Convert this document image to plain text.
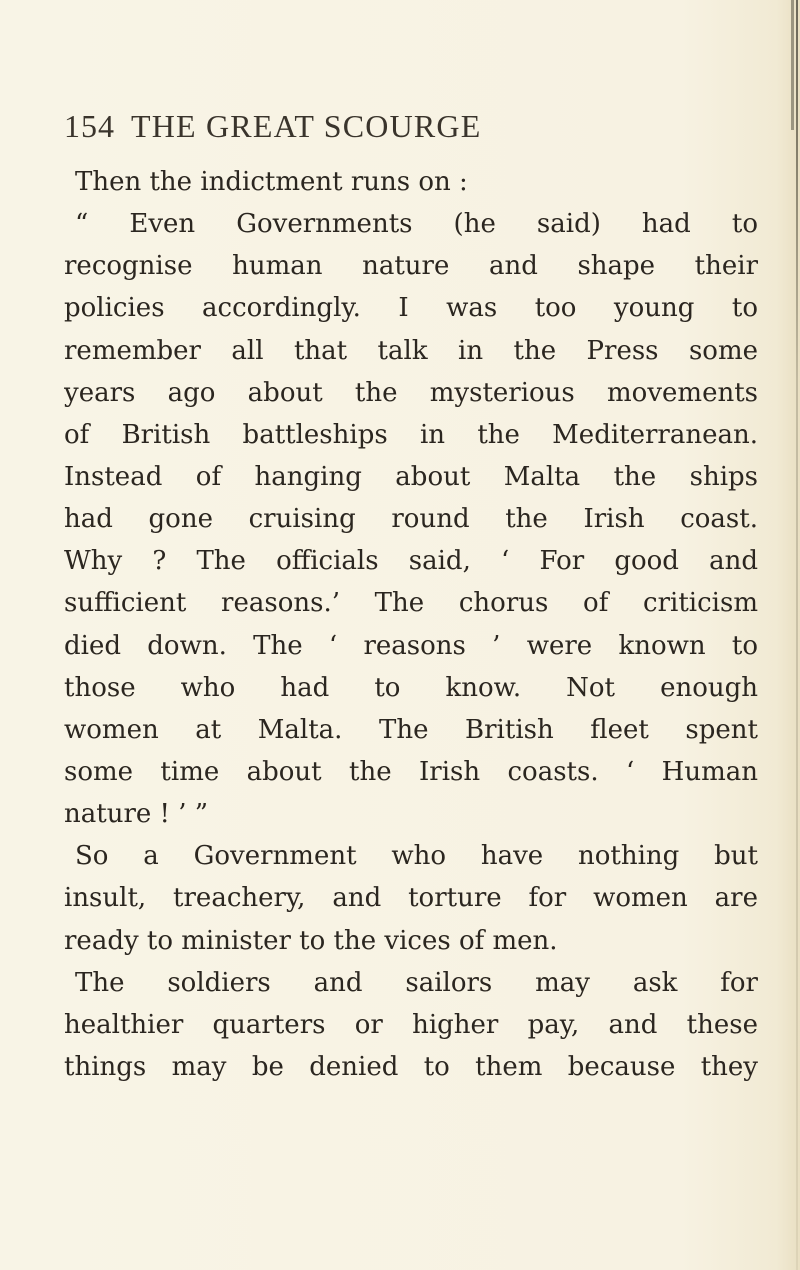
154 THE GREAT SCOURGE
Then the indictment runs on :
“ Even Governments (he said) had to
recognise human nature and shape their
policies accordingly. I was too young to
remember all that talk in the Press some
years ago about the mysterious movements
of British battleships in the Mediterranean.
Instead of hanging about Malta the ships
had gone cruising round the Irish coast.
Why ? The officials said, ‘ For good and
sufficient reasons.’ The chorus of criticism
died down. The ‘ reasons ’ were known to
those who had to know. Not enough
women at Malta. The British fleet spent
some time about the Irish coasts. ‘ Human
nature ! ’ ”
So a Government who have nothing but
insult, treachery, and torture for women are
ready to minister to the vices of men.
The soldiers and sailors may ask for
healthier quarters or higher pay, and these
things may be denied to them because they
